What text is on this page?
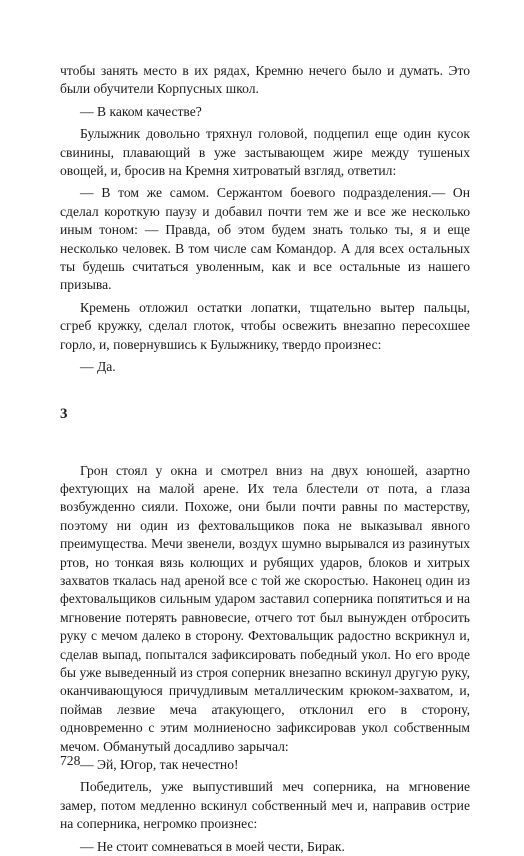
чтобы занять место в их рядах, Кремню нечего было и думать. Это были обучители Корпусных школ.

— В каком качестве?

Булыжник довольно тряхнул головой, подцепил еще один кусок свинины, плавающий в уже застывающем жире между тушеных овощей, и, бросив на Кремня хитроватый взгляд, ответил:

— В том же самом. Сержантом боевого подразделения.— Он сделал короткую паузу и добавил почти тем же и все же несколько иным тоном: — Правда, об этом будем знать только ты, я и еще несколько человек. В том числе сам Командор. А для всех остальных ты будешь считаться уволенным, как и все остальные из нашего призыва.

Кремень отложил остатки лопатки, тщательно вытер пальцы, сгреб кружку, сделал глоток, чтобы освежить внезапно пересохшее горло, и, повернувшись к Булыжнику, твердо произнес:

— Да.

3

Грон стоял у окна и смотрел вниз на двух юношей, азартно фехтующих на малой арене. Их тела блестели от пота, а глаза возбужденно сияли. Похоже, они были почти равны по мастерству, поэтому ни один из фехтовальщиков пока не выказывал явного преимущества. Мечи звенели, воздух шумно вырывался из разинутых ртов, но тонкая вязь колющих и рубящих ударов, блоков и хитрых захватов ткалась над ареной все с той же скоростью. Наконец один из фехтовальщиков сильным ударом заставил соперника попятиться и на мгновение потерять равновесие, отчего тот был вынужден отбросить руку с мечом далеко в сторону. Фехтовальщик радостно вскрикнул и, сделав выпад, попытался зафиксировать победный укол. Но его вроде бы уже выведенный из строя соперник внезапно вскинул другую руку, оканчивающуюся причудливым металлическим крюком-захватом, и, поймав лезвие меча атакующего, отклонил его в сторону, одновременно с этим молниеносно зафиксировав укол собственным мечом. Обманутый досадливо зарычал:

— Эй, Югор, так нечестно!

Победитель, уже выпустивший меч соперника, на мгновение замер, потом медленно вскинул собственный меч и, направив острие на соперника, негромко произнес:

— Не стоит сомневаться в моей чести, Бирак.

728
